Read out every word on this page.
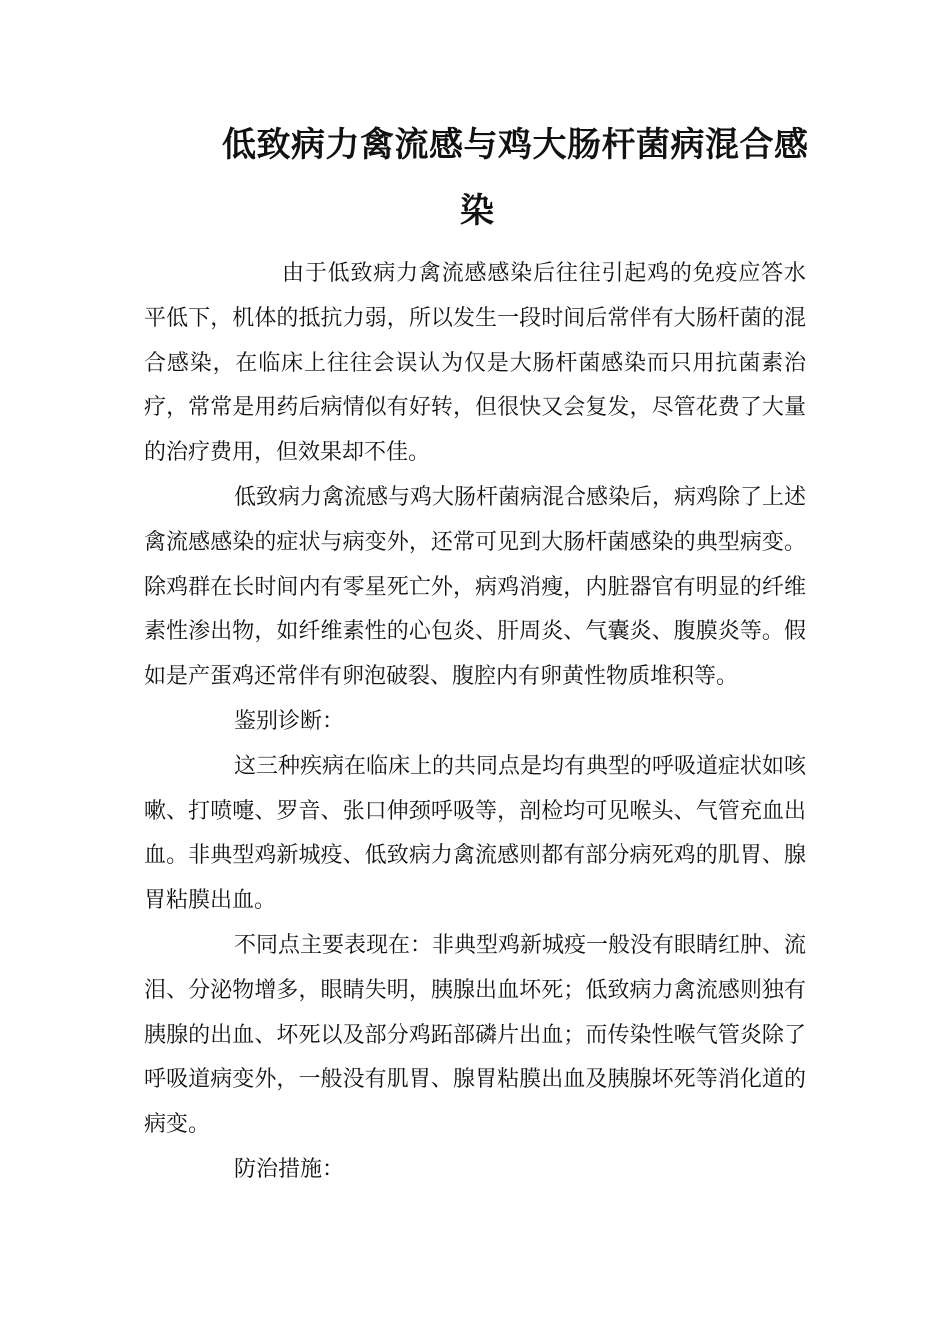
低致病力禽流感与鸡大肠杆菌病混合感
染

由于低致病力禽流感感染后往往引起鸡的免疫应答水平低下，机体的抵抗力弱，所以发生一段时间后常伴有大肠杆菌的混合感染，在临床上往往会误认为仅是大肠杆菌感染而只用抗菌素治疗，常常是用药后病情似有好转，但很快又会复发，尽管花费了大量的治疗费用，但效果却不佳。

低致病力禽流感与鸡大肠杆菌病混合感染后，病鸡除了上述禽流感感染的症状与病变外，还常可见到大肠杆菌感染的典型病变。除鸡群在长时间内有零星死亡外，病鸡消瘦，内脏器官有明显的纤维素性渗出物，如纤维素性的心包炎、肝周炎、气囊炎、腹膜炎等。假如是产蛋鸡还常伴有卵泡破裂、腹腔内有卵黄性物质堆积等。

鉴别诊断：

这三种疾病在临床上的共同点是均有典型的呼吸道症状如咳嗽、打喷嚏、罗音、张口伸颈呼吸等，剖检均可见喉头、气管充血出血。非典型鸡新城疫、低致病力禽流感则都有部分病死鸡的肌胃、腺胃粘膜出血。

不同点主要表现在：非典型鸡新城疫一般没有眼睛红肿、流泪、分泌物增多，眼睛失明，胰腺出血坏死；低致病力禽流感则独有胰腺的出血、坏死以及部分鸡跖部磷片出血；而传染性喉气管炎除了呼吸道病变外，一般没有肌胃、腺胃粘膜出血及胰腺坏死等消化道的病变。

防治措施：
